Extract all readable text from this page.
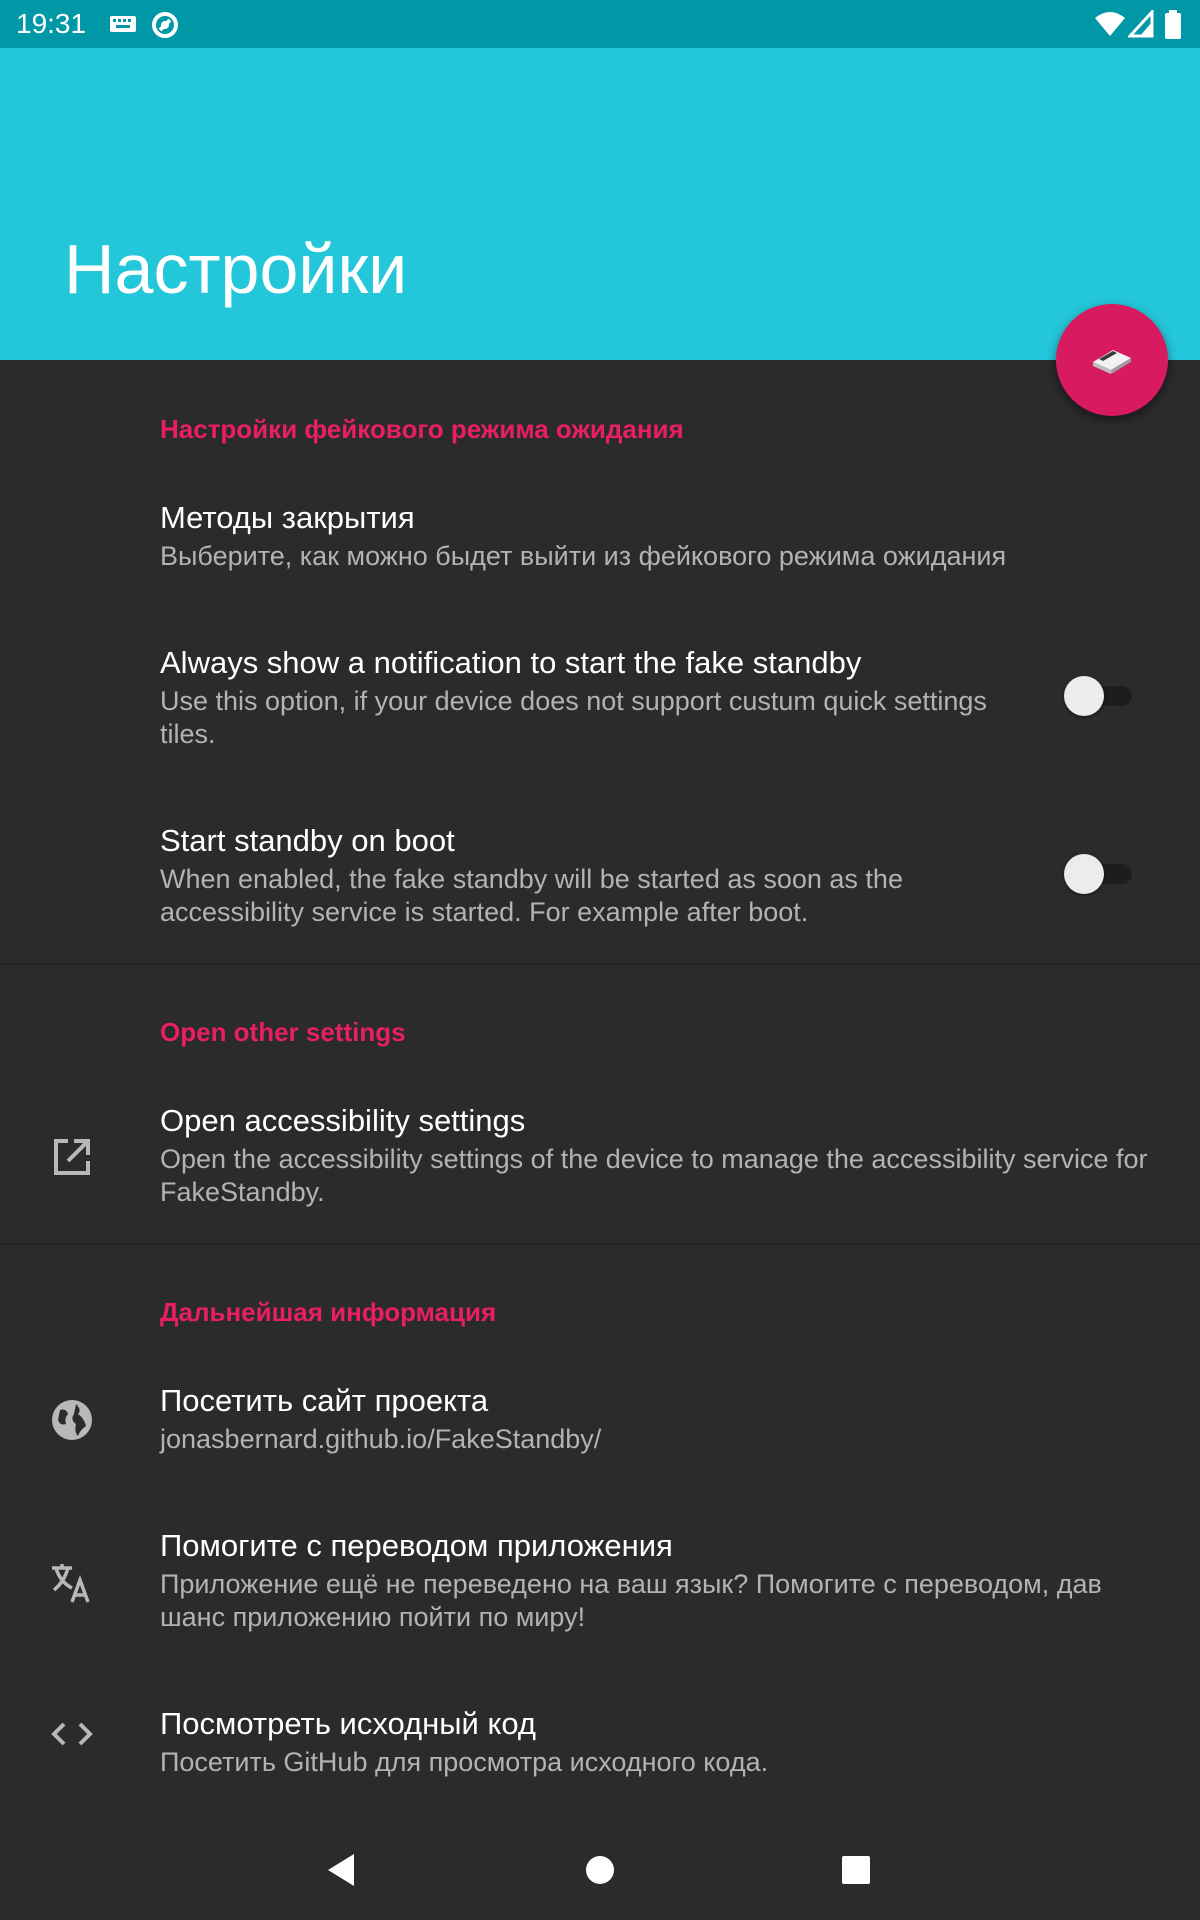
19:31
Настройки
Настройки фейкового режима ожидания
Методы закрытия
Выберите, как можно быдет выйти из фейкового режима ожидания
Always show a notification to start the fake standby
Use this option, if your device does not support custum quick settings tiles.
Start standby on boot
When enabled, the fake standby will be started as soon as the accessibility service is started. For example after boot.
Open other settings
Open accessibility settings
Open the accessibility settings of the device to manage the accessibility service for FakeStandby.
Дальнейшая информация
Посетить сайт проекта
jonasbernard.github.io/FakeStandby/
Помогите с переводом приложения
Приложение ещё не переведено на ваш язык? Помогите с переводом, дав шанс приложению пойти по миру!
Посмотреть исходный код
Посетить GitHub для просмотра исходного кода.
